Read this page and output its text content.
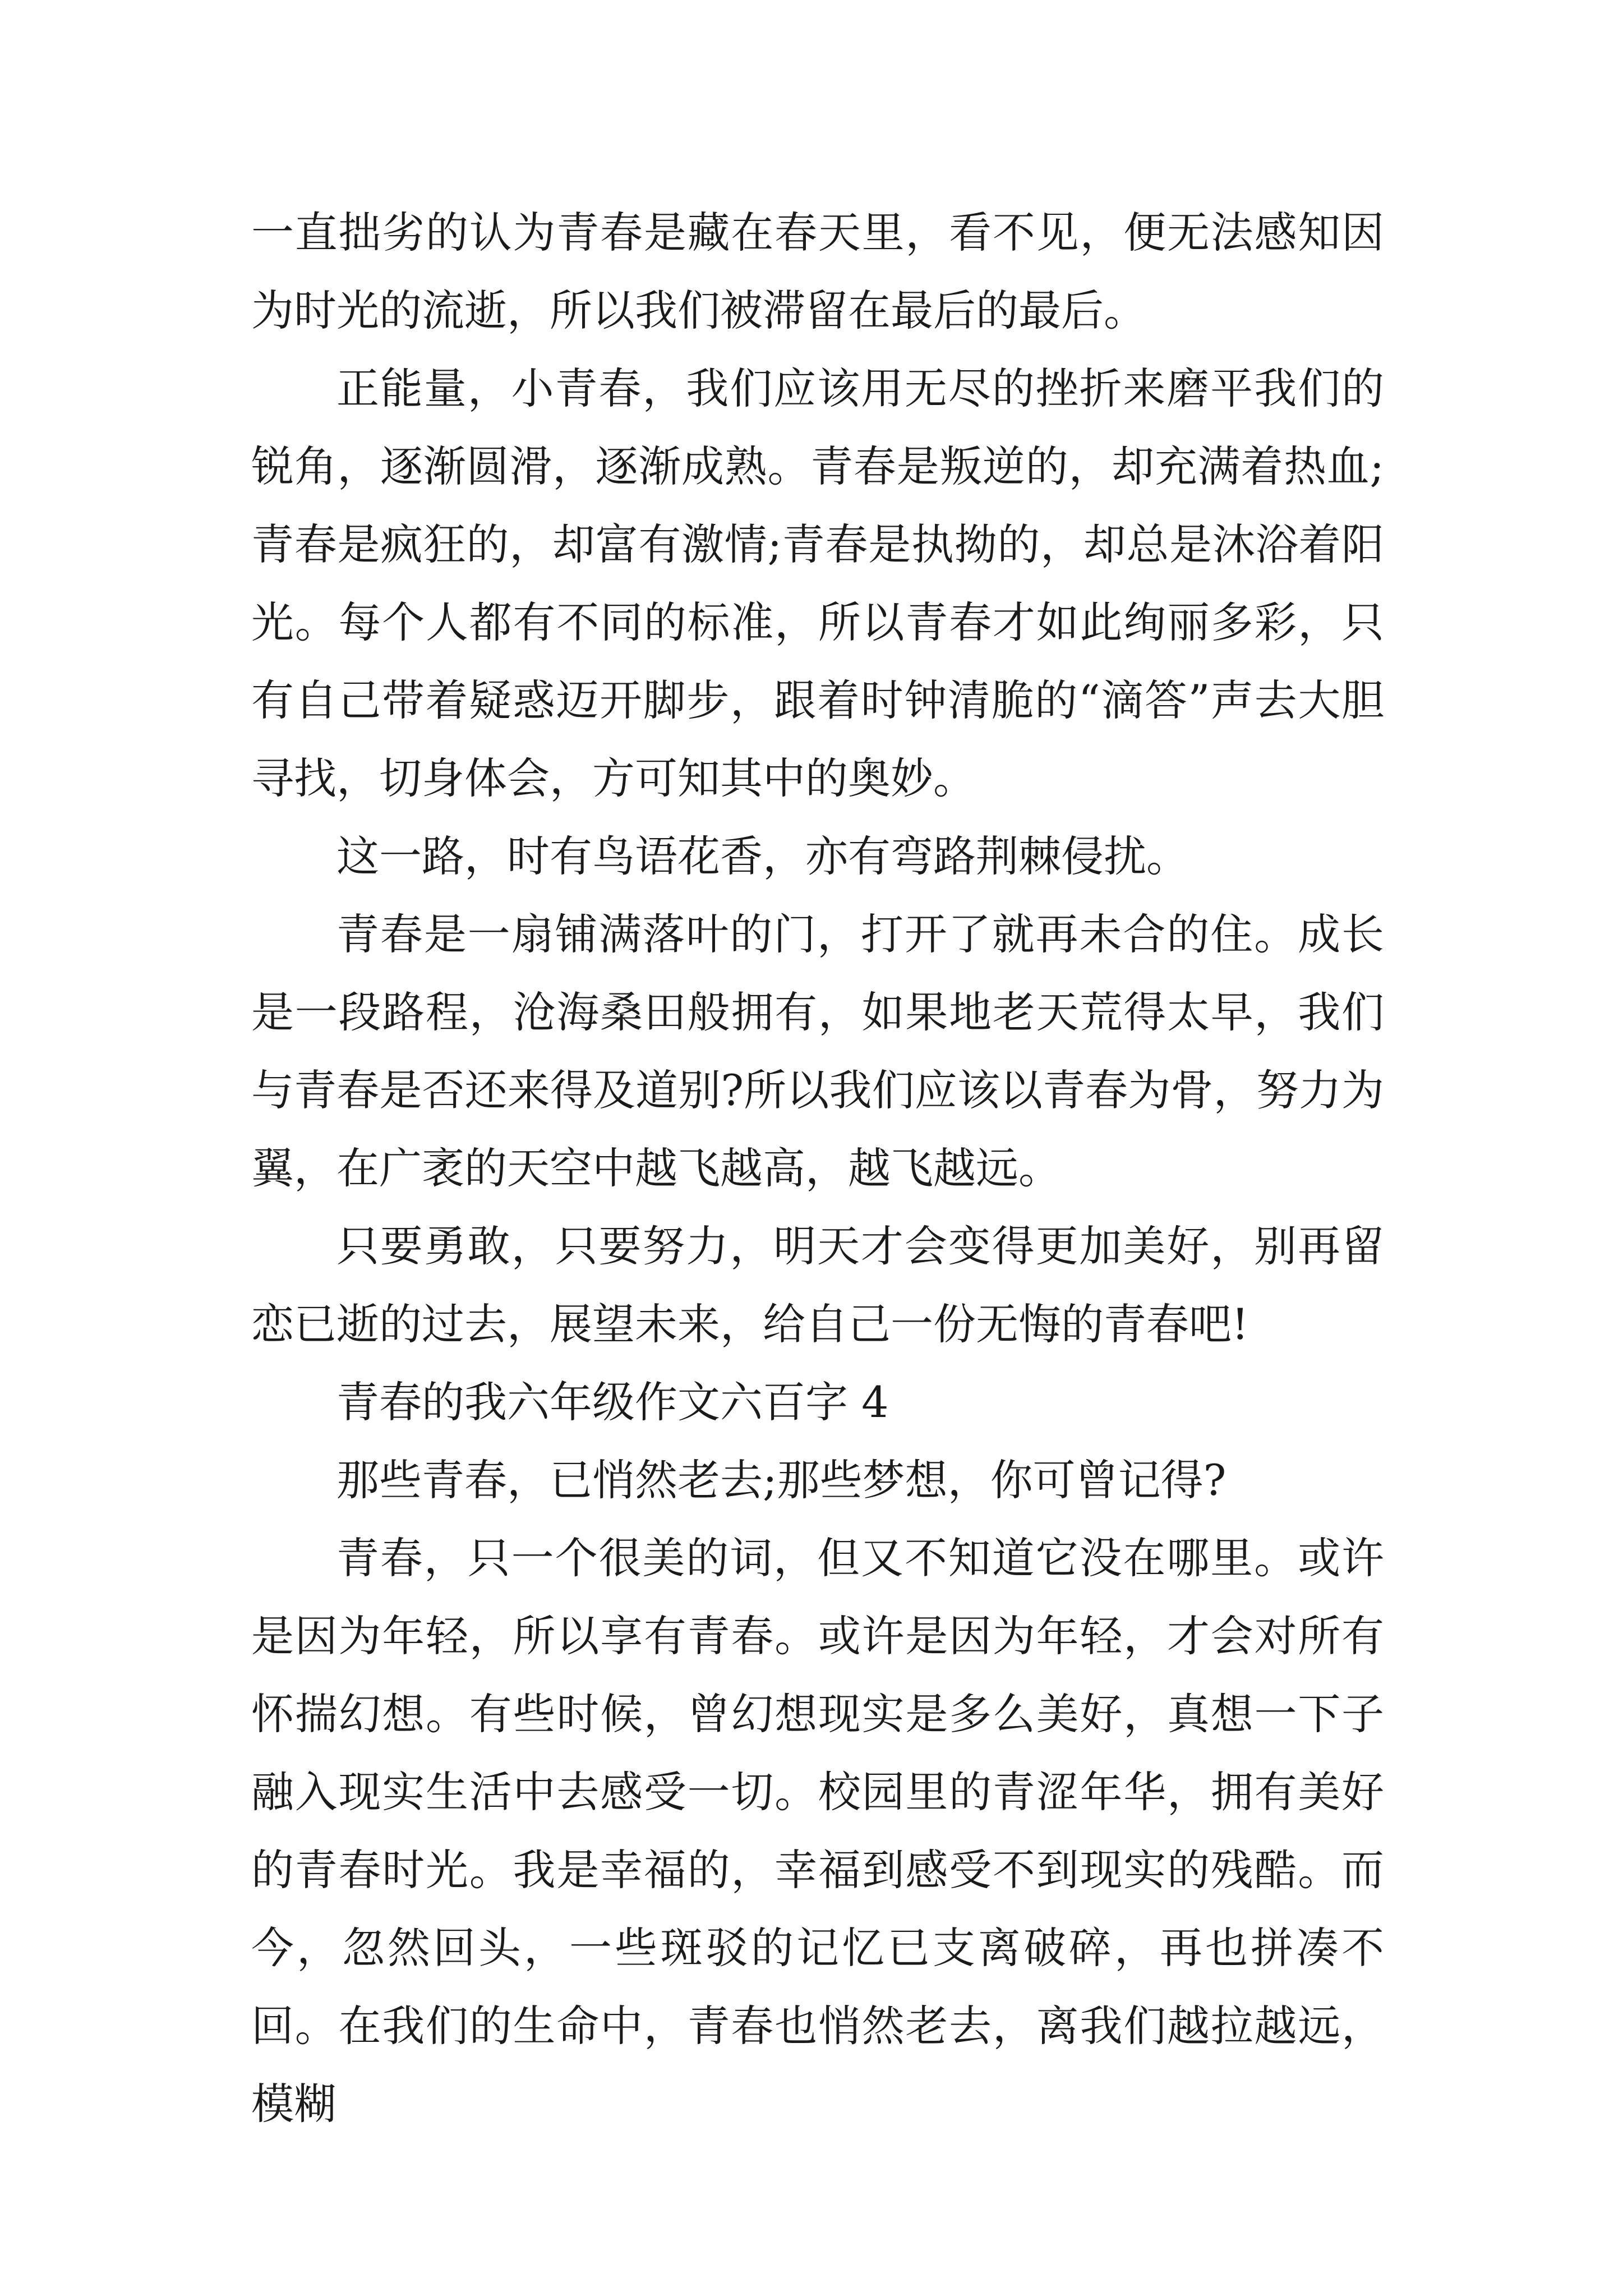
一直拙劣的认为青春是藏在春天里，看不见，便无法感知因为时光的流逝，所以我们被滞留在最后的最后。

正能量，小青春，我们应该用无尽的挫折来磨平我们的锐角，逐渐圆滑，逐渐成熟。青春是叛逆的，却充满着热血;青春是疯狂的，却富有激情;青春是执拗的，却总是沐浴着阳光。每个人都有不同的标准，所以青春才如此绚丽多彩，只有自己带着疑惑迈开脚步，跟着时钟清脆的“滴答”声去大胆寻找，切身体会，方可知其中的奥妙。

这一路，时有鸟语花香，亦有弯路荆棘侵扰。

青春是一扇铺满落叶的门，打开了就再未合的住。成长是一段路程，沧海桑田般拥有，如果地老天荒得太早，我们与青春是否还来得及道别?所以我们应该以青春为骨，努力为翼，在广袤的天空中越飞越高，越飞越远。

只要勇敢，只要努力，明天才会变得更加美好，别再留恋已逝的过去，展望未来，给自己一份无悔的青春吧!

青春的我六年级作文六百字 4

那些青春，已悄然老去;那些梦想，你可曾记得?

青春，只一个很美的词，但又不知道它没在哪里。或许是因为年轻，所以享有青春。或许是因为年轻，才会对所有怀揣幻想。有些时候，曾幻想现实是多么美好，真想一下子融入现实生活中去感受一切。校园里的青涩年华，拥有美好的青春时光。我是幸福的，幸福到感受不到现实的残酷。而今，忽然回头，一些斑驳的记忆已支离破碎，再也拼凑不回。在我们的生命中，青春也悄然老去，离我们越拉越远，模糊
